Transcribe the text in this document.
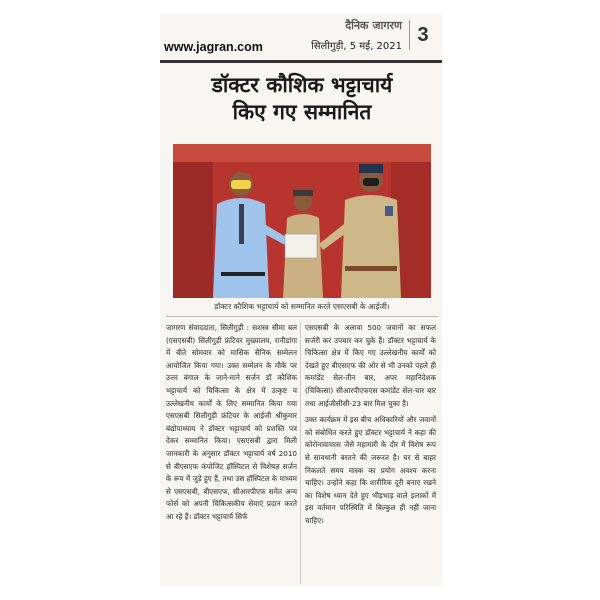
www.jagran.com
दैनिक जागरण
सिलीगुड़ी, 5 मई, 2021
3
डॉक्टर कौशिक भट्टाचार्य
किए गए सम्मानित
डॉक्टर कौशिक भट्टाचार्य को सम्मानित करते एसएसबी के आईजी।

जागरण संवाददाता, सिलीगुड़ी : सशस्त्र सीमा बल (एसएसबी) सिलीगुड़ी फ्रंटियर मुख्यालय, रानीडांगा में बीते सोमवार को मासिक सैनिक सम्मेलन आयोजित किया गया। उक्त सम्मेलन के मौके पर उत्तर बंगाल के जाने-माने सर्जन डॉ कौशिक भट्टाचार्य को चिकित्सा के क्षेत्र में उत्कृष्ट व उल्लेखनीय कार्यों के लिए सम्मानित किया गया एसएसबी सिलीगुड़ी फ्रंटियर के आईजी श्रीकुमार बंद्योपाध्याय ने डॉक्टर भट्टाचार्य को प्रशस्ति पत्र देकर सम्मानित किया। एसएसबी द्वारा मिली जानकारी के अनुसार डॉक्टर भट्टाचार्य वर्ष 2010 से बीएसएफ कंपोजिट हॉस्पिटल से विशेषज्ञ सर्जन के रूप में जुड़े हुए हैं, तथा उस हॉस्पिटल के माध्यम से एसएसबी, बीएसएफ, सीआरपीएफ समेत अन्य फोर्स को अपनी चिकित्सकीय सेवाएं प्रदान करते आ रहे हैं। डॉक्टर भट्टाचार्य सिर्फ

एसएसबी के अलावा 500 जवानों का सफल सर्जरी कर उपचार कर चुके हैं। डॉक्टर भट्टाचार्य के चिकित्सा क्षेत्र में किए गए उल्लेखनीय कार्यों को देखते हुए बीएसएफ की ओर से भी उनको पहले ही कमांडेंट सेल-तीन बार, अपर महानिदेशक (चिकित्सा) सीआरपीएफएस कमांडेंट सेल-चार बार तथा आईजीसीसी-23 बार मिल चुका है।

उक्त कार्यक्रम में इस बीच अधिकारियों और जवानों को संबोधित करते हुए डॉक्टर भट्टाचार्य ने कहा की कोरोनावायरस जैसे महामारी के दौर में विशेष रूप से सावधानी बरतने की जरूरत है। घर से बाहर निकलते समय मास्क का प्रयोग अवश्य करना चाहिए। उन्होंने कहा कि शारीरिक दूरी बनाए रखने का विशेष ध्यान देते हुए भीड़भाड़ वाले इलाकों में इस वर्तमान परिस्थिति में बिल्कुल ही नहीं जाना चाहिए।
